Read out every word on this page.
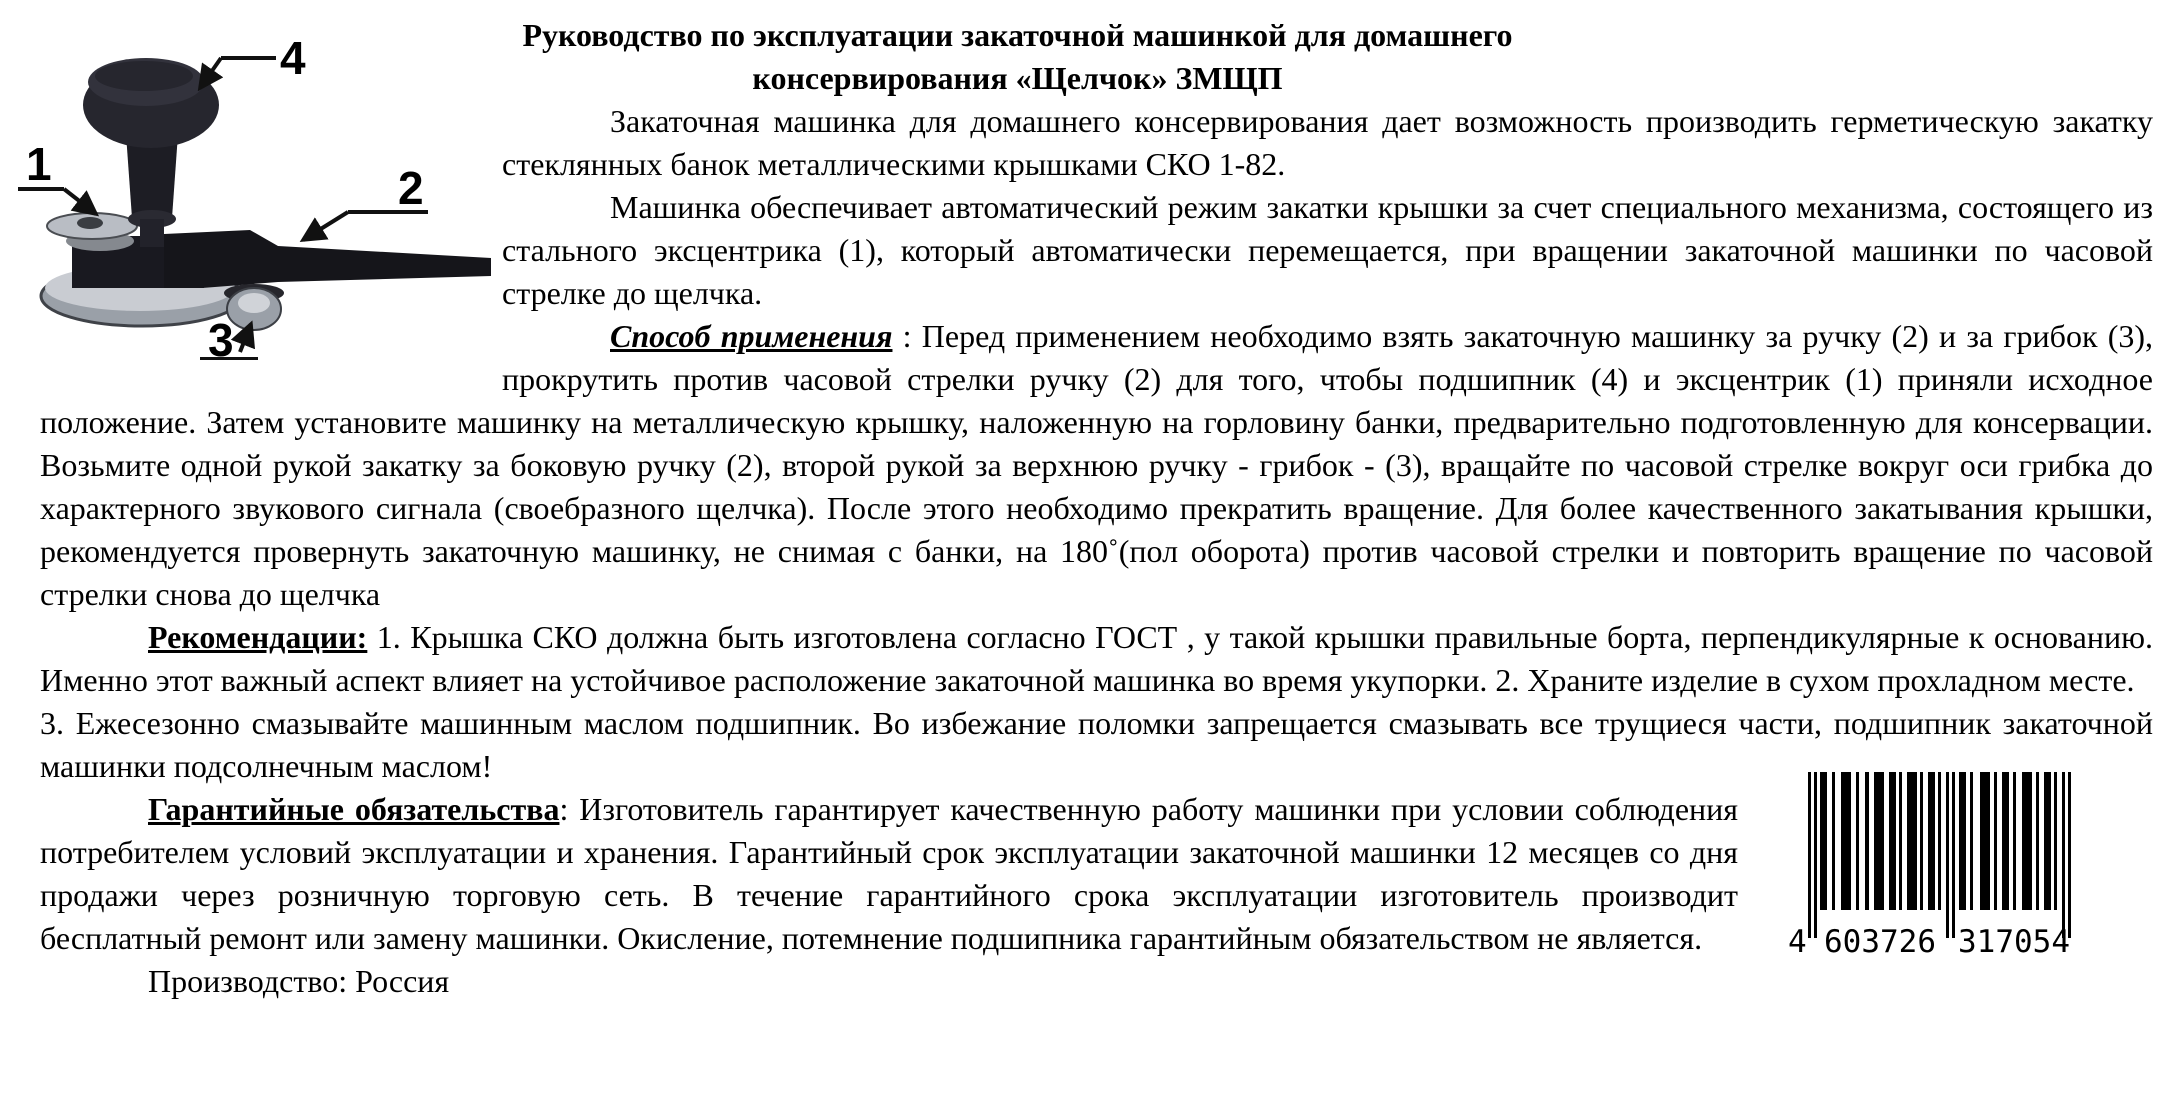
4
1	2
3
Руководство по эксплуатации закаточной машинкой для домашнего
консервирования «Щелчок» ЗМЩП

Закаточная машинка для домашнего консервирования дает возможность производить герметическую закатку стеклянных банок металлическими крышками СКО 1-82.

Машинка обеспечивает автоматический режим закатки крышки за счет специального механизма, состоящего из стального эксцентрика (1), который автоматически перемещается, при вращении закаточной машинки по часовой стрелке до щелчка.

Способ применения : Перед применением необходимо взять закаточную машинку за ручку (2) и за грибок (3), прокрутить против часовой стрелки ручку (2) для того, чтобы подшипник (4) и эксцентрик (1) приняли исходное положение. Затем установите машинку на металлическую крышку, наложенную на горловину банки, предварительно подготовленную для консервации. Возьмите одной рукой закатку за боковую ручку (2), второй рукой за верхнюю ручку - грибок - (3), вращайте по часовой стрелке вокруг оси грибка до характерного звукового сигнала (своебразного щелчка). После этого необходимо прекратить вращение. Для более качественного закатывания крышки, рекомендуется провернуть закаточную машинку, не снимая с банки, на 180˚(пол оборота) против часовой стрелки и повторить вращение по часовой стрелки снова до щелчка

Рекомендации: 1. Крышка СКО должна быть изготовлена согласно ГОСТ , у такой крышки правильные борта, перпендикулярные к основанию. Именно этот важный аспект влияет на устойчивое расположение закаточной машинка во время укупорки. 2. Храните изделие в сухом прохладном месте.

3. Ежесезонно смазывайте машинным маслом подшипник. Во избежание поломки запрещается смазывать все трущиеся части, подшипник закаточной машинки подсолнечным маслом!

4 603726 317054

Гарантийные обязательства: Изготовитель гарантирует качественную работу машинки при условии соблюдения потребителем условий эксплуатации и хранения. Гарантийный срок эксплуатации закаточной машинки 12 месяцев со дня продажи через розничную торговую сеть. В течение гарантийного срока эксплуатации изготовитель производит бесплатный ремонт или замену машинки. Окисление, потемнение подшипника гарантийным обязательством не является.

Производство: Россия
